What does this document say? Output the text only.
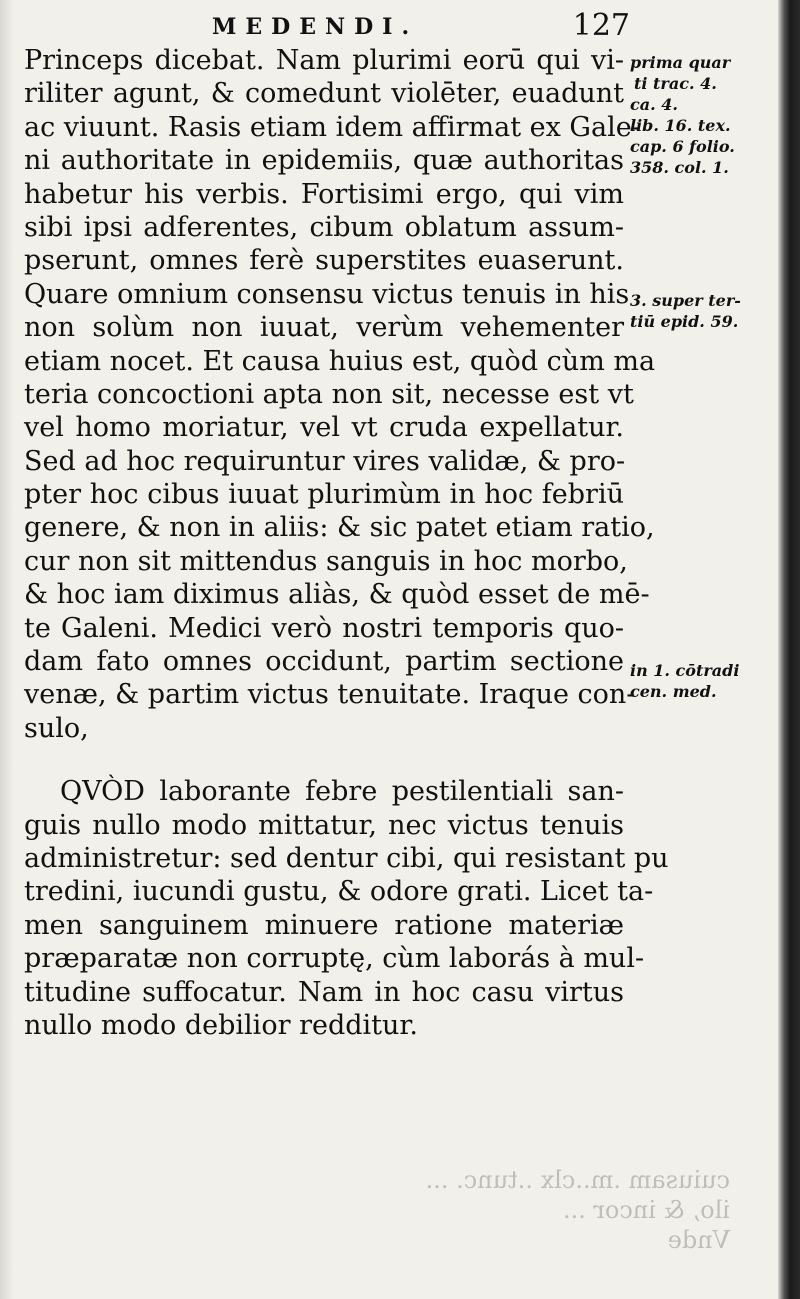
MEDENDI.	127
Princeps dicebat. Nam plurimi eorū qui vi-
riliter agunt, & comedunt violēter, euadunt
ac viuunt. Rasis etiam idem affirmat ex Gale-
ni authoritate in epidemiis, quæ authoritas
habetur his verbis. Fortisimi ergo, qui vim
sibi ipsi adferentes, cibum oblatum assum-
pserunt, omnes ferè superstites euaserunt.
Quare omnium consensu victus tenuis in his
non solùm non iuuat, verùm vehementer
etiam nocet. Et causa huius est, quòd cùm ma
teria concoctioni apta non sit, necesse est vt
vel homo moriatur, vel vt cruda expellatur.
Sed ad hoc requiruntur vires validæ, & pro-
pter hoc cibus iuuat plurimùm in hoc febriū
genere, & non in aliis: & sic patet etiam ratio,
cur non sit mittendus sanguis in hoc morbo,
& hoc iam diximus aliàs, & quòd esset de mē-
te Galeni. Medici verò nostri temporis quo-
dam fato omnes occidunt, partim sectione
venæ, & partim victus tenuitate. Iraque con-
sulo,
QVÒD laborante febre pestilentiali san-
guis nullo modo mittatur, nec victus tenuis
administretur: sed dentur cibi, qui resistant pu
tredini, iucundi gustu, & odore grati. Licet ta-
men sanguinem minuere ratione materiæ
præparatæ non corruptę, cùm laborás à mul-
titudine suffocatur. Nam in hoc casu virtus
nullo modo debilior redditur.
prima quar
ti trac. 4.
ca. 4.
lib. 16. tex.
cap. 6 folio.
358. col. 1.
3. super ter-
tiū epid. 59.
in 1. cōtradi
cen. med.
cuiusam .m..clx ..tunc. ...
ilo, & incor ...
Vnde
